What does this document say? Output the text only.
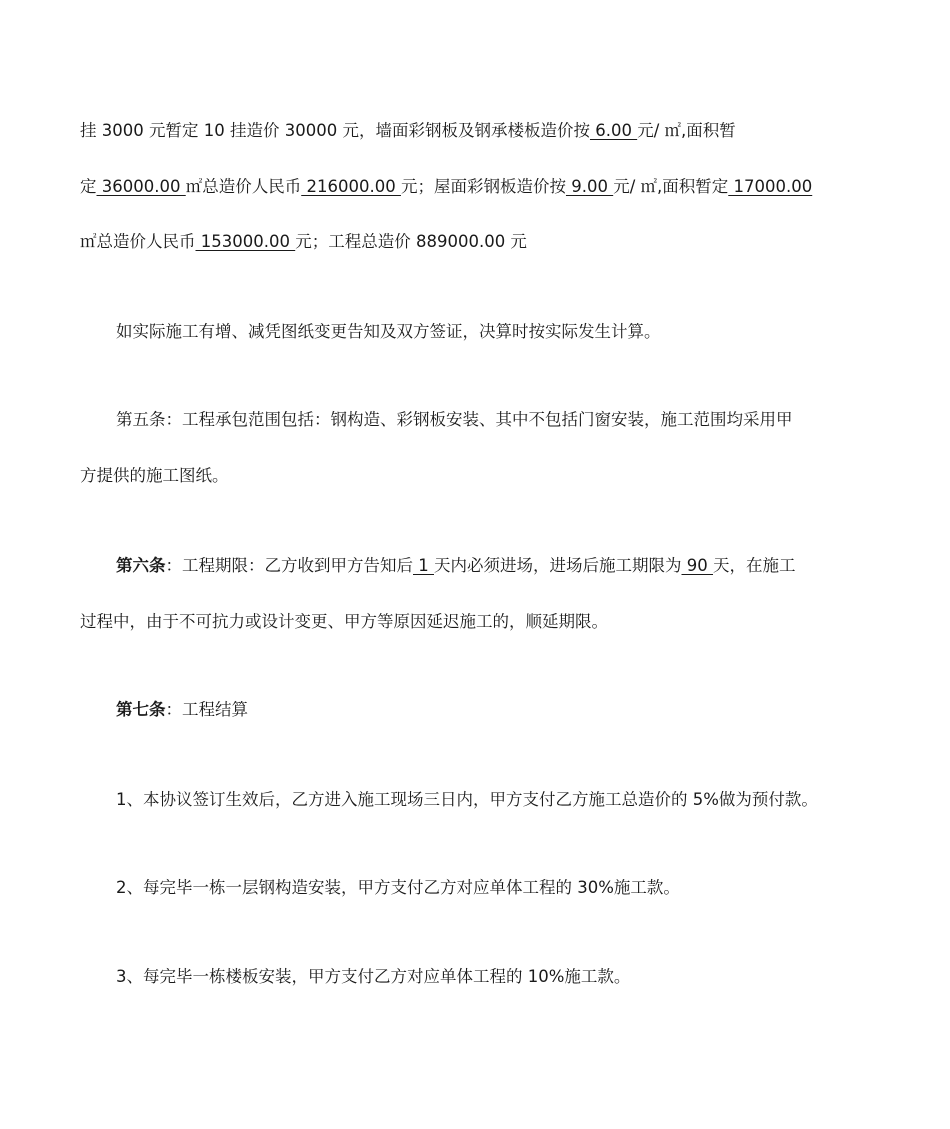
挂 3000 元暂定 10 挂造价 30000 元，墙面彩钢板及钢承楼板造价按 6.00 元/ ㎡,面积暂
定 36000.00 ㎡总造价人民币 216000.00 元；屋面彩钢板造价按 9.00 元/ ㎡,面积暂定 17000.00
㎡总造价人民币 153000.00 元；工程总造价 889000.00 元
如实际施工有增、减凭图纸变更告知及双方签证，决算时按实际发生计算。
第五条：工程承包范围包括：钢构造、彩钢板安装、其中不包括门窗安装，施工范围均采用甲
方提供的施工图纸。
第六条：工程期限：乙方收到甲方告知后 1 天内必须进场，进场后施工期限为 90 天，在施工
过程中，由于不可抗力或设计变更、甲方等原因延迟施工的，顺延期限。
第七条：工程结算
1、本协议签订生效后，乙方进入施工现场三日内，甲方支付乙方施工总造价的 5%做为预付款。
2、每完毕一栋一层钢构造安装，甲方支付乙方对应单体工程的 30%施工款。
3、每完毕一栋楼板安装，甲方支付乙方对应单体工程的 10%施工款。
